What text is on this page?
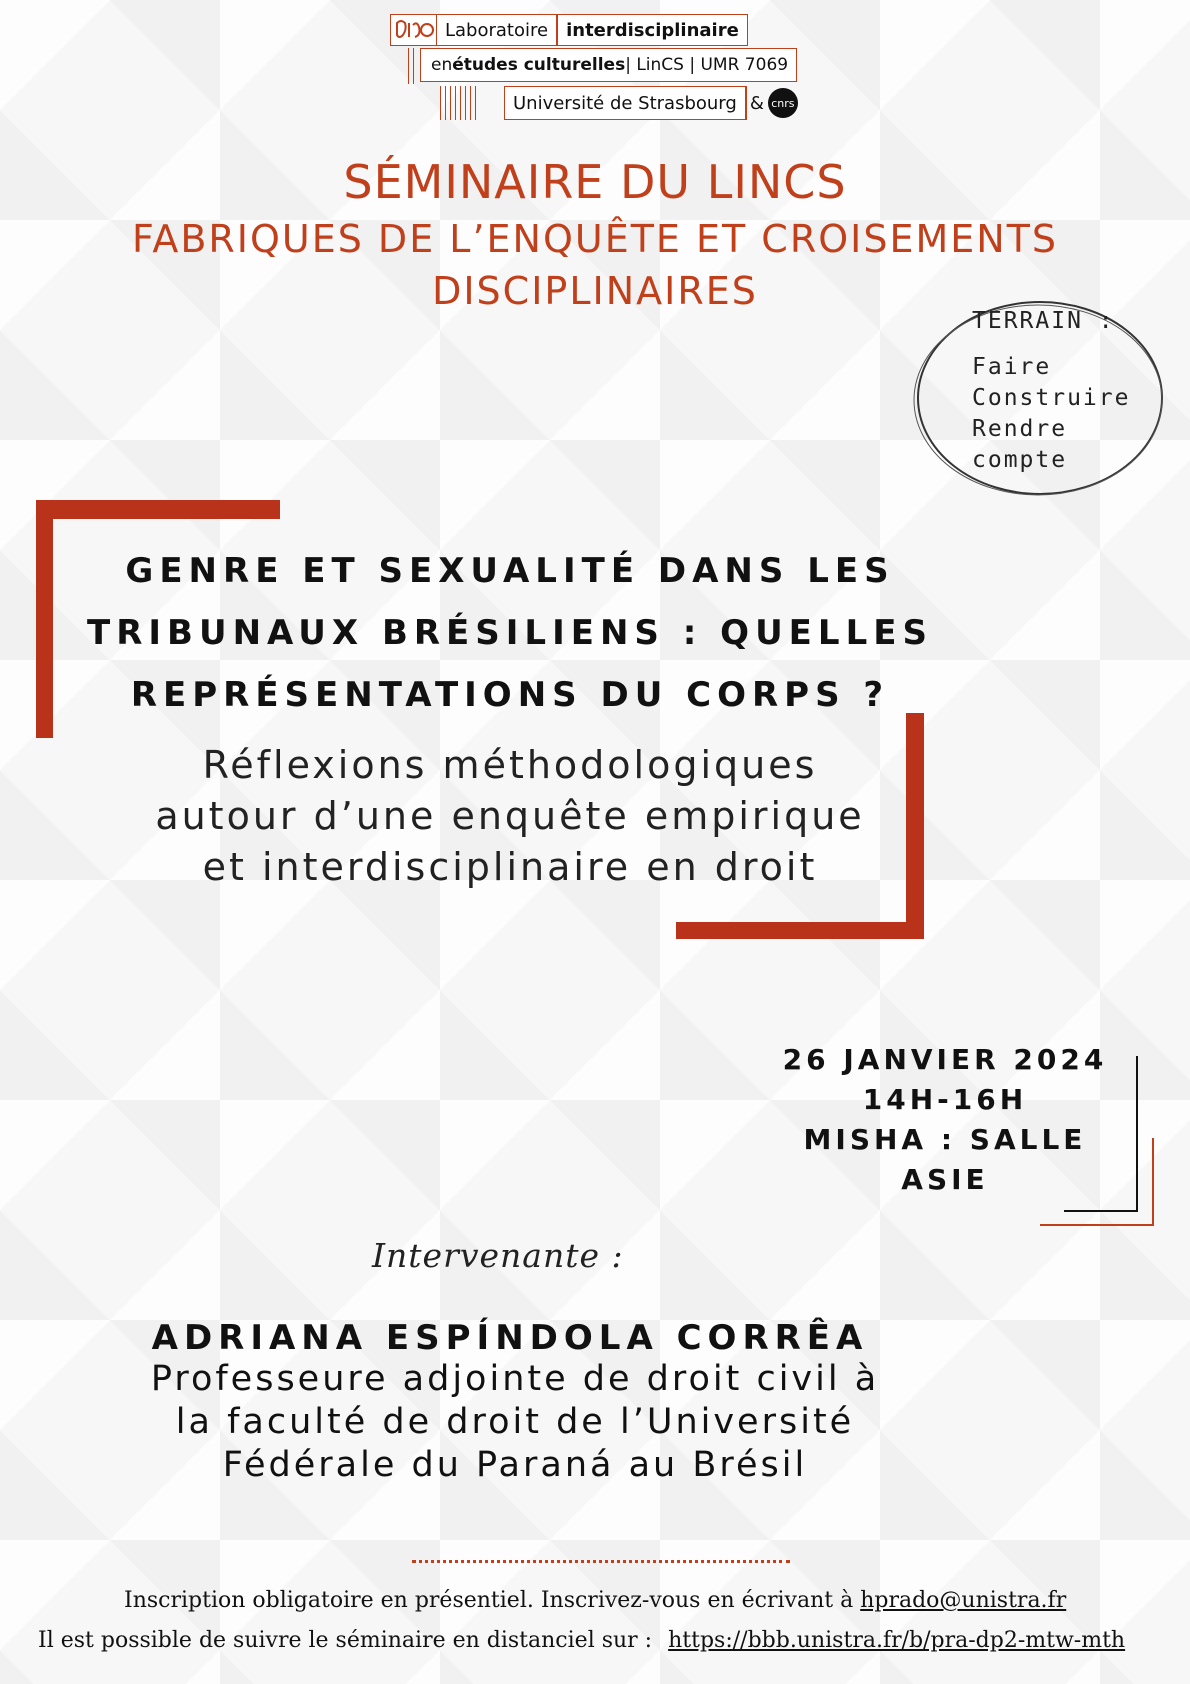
Laboratoire	interdisciplinaire
en études culturelles | LinCS | UMR 7069
Université de Strasbourg & cnrs
SÉMINAIRE DU LINCS
FABRIQUES DE L’ENQUÊTE ET CROISEMENTS
DISCIPLINAIRES
TERRAIN :
Faire
Construire
Rendre
compte
GENRE ET SEXUALITÉ DANS LES
TRIBUNAUX BRÉSILIENS : QUELLES
REPRÉSENTATIONS DU CORPS ?
Réflexions méthodologiques
autour d’une enquête empirique
et interdisciplinaire en droit
26 JANVIER 2024
14H-16H
MISHA : SALLE
ASIE
Intervenante :
ADRIANA ESPÍNDOLA CORRÊA
Professeure adjointe de droit civil à
la faculté de droit de l’Université
Fédérale du Paraná au Brésil
Inscription obligatoire en présentiel. Inscrivez-vous en écrivant à hprado@unistra.fr
Il est possible de suivre le séminaire en distanciel sur : https://bbb.unistra.fr/b/pra-dp2-mtw-mth
